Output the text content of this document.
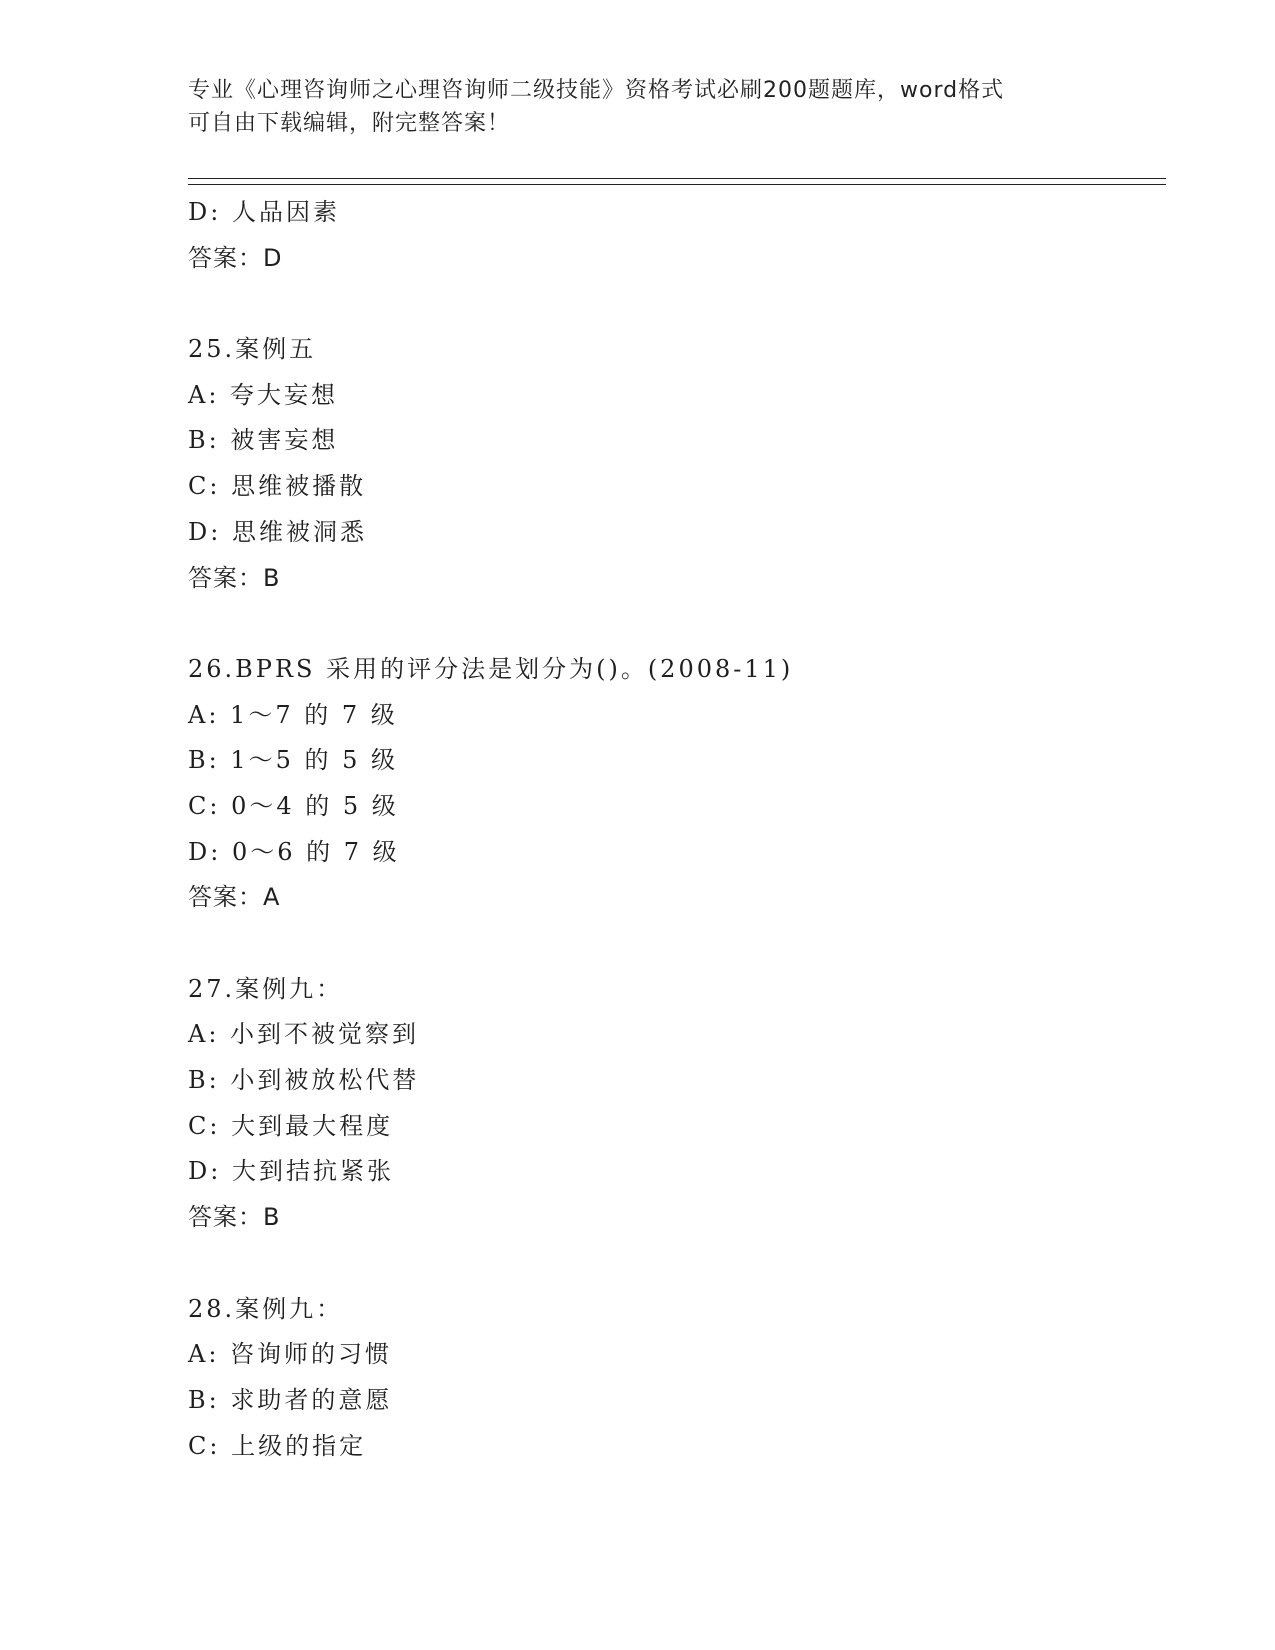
专业《心理咨询师之心理咨询师二级技能》资格考试必刷200题题库，word格式
可自由下载编辑，附完整答案！
D: 人品因素
答案：D
25.案例五
A: 夸大妄想
B: 被害妄想
C: 思维被播散
D: 思维被洞悉
答案：B
26.BPRS 采用的评分法是划分为()。(2008-11)
A: 1～7 的 7 级
B: 1～5 的 5 级
C: 0～4 的 5 级
D: 0～6 的 7 级
答案：A
27.案例九：
A: 小到不被觉察到
B: 小到被放松代替
C: 大到最大程度
D: 大到拮抗紧张
答案：B
28.案例九：
A: 咨询师的习惯
B: 求助者的意愿
C: 上级的指定
